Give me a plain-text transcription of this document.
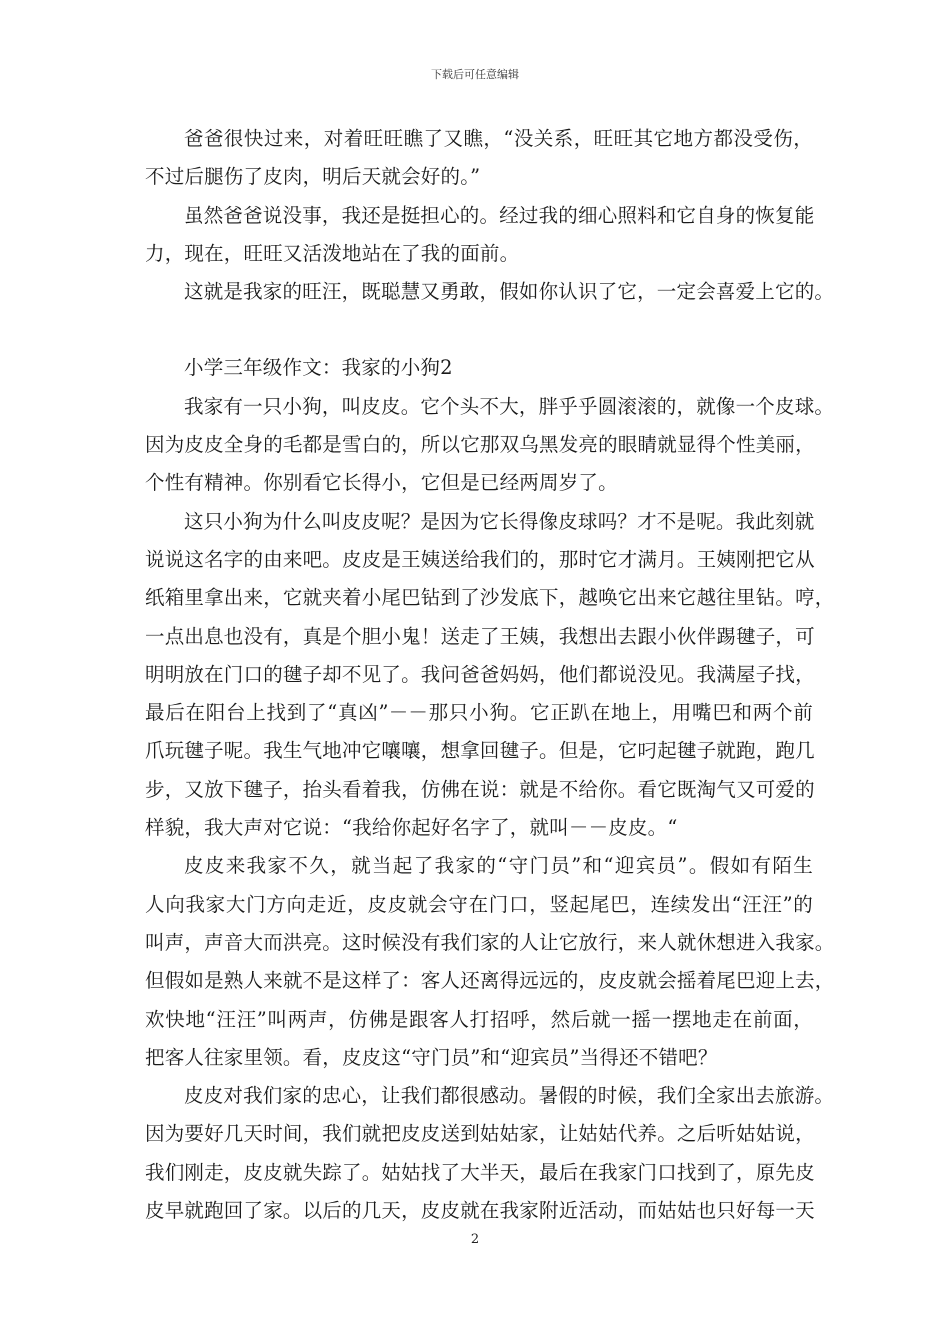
下载后可任意编辑
爸爸很快过来，对着旺旺瞧了又瞧，“没关系，旺旺其它地方都没受伤，
不过后腿伤了皮肉，明后天就会好的。”
虽然爸爸说没事，我还是挺担心的。经过我的细心照料和它自身的恢复能
力，现在，旺旺又活泼地站在了我的面前。
这就是我家的旺汪，既聪慧又勇敢，假如你认识了它，一定会喜爱上它的。
小学三年级作文：我家的小狗2
我家有一只小狗，叫皮皮。它个头不大，胖乎乎圆滚滚的，就像一个皮球。
因为皮皮全身的毛都是雪白的，所以它那双乌黑发亮的眼睛就显得个性美丽，
个性有精神。你别看它长得小，它但是已经两周岁了。
这只小狗为什么叫皮皮呢？是因为它长得像皮球吗？才不是呢。我此刻就
说说这名字的由来吧。皮皮是王姨送给我们的，那时它才满月。王姨刚把它从
纸箱里拿出来，它就夹着小尾巴钻到了沙发底下，越唤它出来它越往里钻。哼，
一点出息也没有，真是个胆小鬼！送走了王姨，我想出去跟小伙伴踢毽子，可
明明放在门口的毽子却不见了。我问爸爸妈妈，他们都说没见。我满屋子找，
最后在阳台上找到了“真凶”－－那只小狗。它正趴在地上，用嘴巴和两个前
爪玩毽子呢。我生气地冲它嚷嚷，想拿回毽子。但是，它叼起毽子就跑，跑几
步，又放下毽子，抬头看着我，仿佛在说：就是不给你。看它既淘气又可爱的
样貌，我大声对它说：“我给你起好名字了，就叫－－皮皮。“
皮皮来我家不久，就当起了我家的“守门员”和“迎宾员”。假如有陌生
人向我家大门方向走近，皮皮就会守在门口，竖起尾巴，连续发出“汪汪”的
叫声，声音大而洪亮。这时候没有我们家的人让它放行，来人就休想进入我家。
但假如是熟人来就不是这样了：客人还离得远远的，皮皮就会摇着尾巴迎上去，
欢快地“汪汪”叫两声，仿佛是跟客人打招呼，然后就一摇一摆地走在前面，
把客人往家里领。看，皮皮这“守门员”和“迎宾员”当得还不错吧？
皮皮对我们家的忠心，让我们都很感动。暑假的时候，我们全家出去旅游。
因为要好几天时间，我们就把皮皮送到姑姑家，让姑姑代养。之后听姑姑说，
我们刚走，皮皮就失踪了。姑姑找了大半天，最后在我家门口找到了，原先皮
皮早就跑回了家。以后的几天，皮皮就在我家附近活动，而姑姑也只好每一天
2
